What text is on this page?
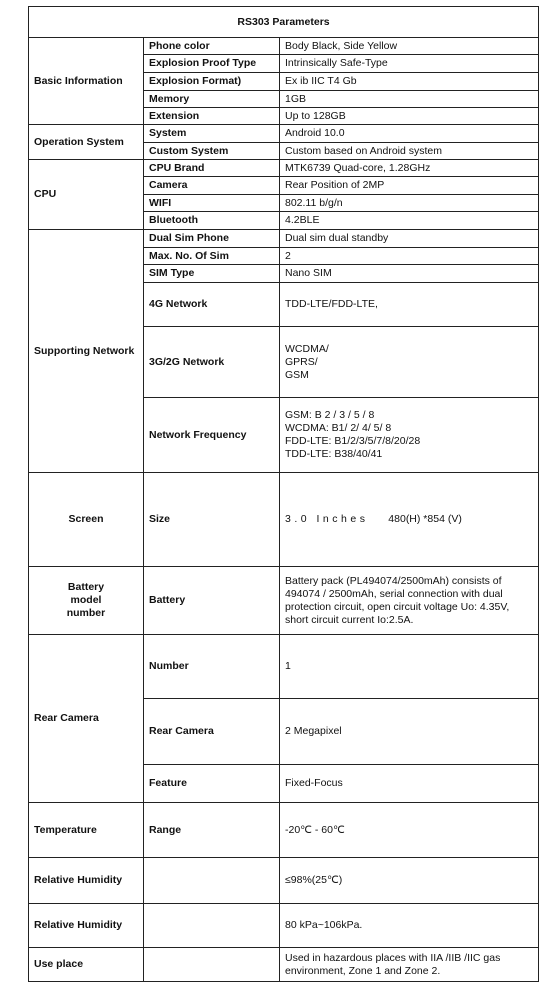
RS303 Parameters		
Basic Information	Phone color	Body Black, Side Yellow
	Explosion Proof Type	Intrinsically Safe-Type
	Explosion Format)	Ex ib IIC T4 Gb
	Memory	1GB
	Extension	Up to 128GB
Operation System	System	Android 10.0
	Custom System	Custom based on Android system
CPU	CPU Brand	MTK6739 Quad-core, 1.28GHz
	Camera	Rear Position of 2MP
	WIFI	802.11 b/g/n
	Bluetooth	4.2BLE
Supporting Network	Dual Sim Phone	Dual sim dual standby
	Max. No. Of Sim	2
	SIM Type	Nano SIM
	4G Network	TDD-LTE/FDD-LTE,
	3G/2G Network	WCDMA/
GPRS/
GSM

	Network Frequency	GSM: B 2 / 3 / 5 / 8
WCDMA: B1/ 2/ 4/ 5/ 8
FDD-LTE: B1/2/3/5/7/8/20/28
TDD-LTE: B38/40/41

Screen	Size	3.0 Inches 480(H) *854 (V)

Battery
model
number	Battery	Battery pack (PL494074/2500mAh) consists of 494074 / 2500mAh, serial connection with dual protection circuit, open circuit voltage Uo: 4.35V, short circuit current Io:2.5A.
Rear Camera	Number	1
	Rear Camera	2 Megapixel
	Feature	Fixed-Focus
Temperature	Range	-20℃ - 60℃
Relative Humidity		≤98%(25℃)
Relative Humidity		80 kPa~106kPa.
Use place		Used in hazardous places with IIA /IIB /IIC gas environment, Zone 1 and Zone 2.
